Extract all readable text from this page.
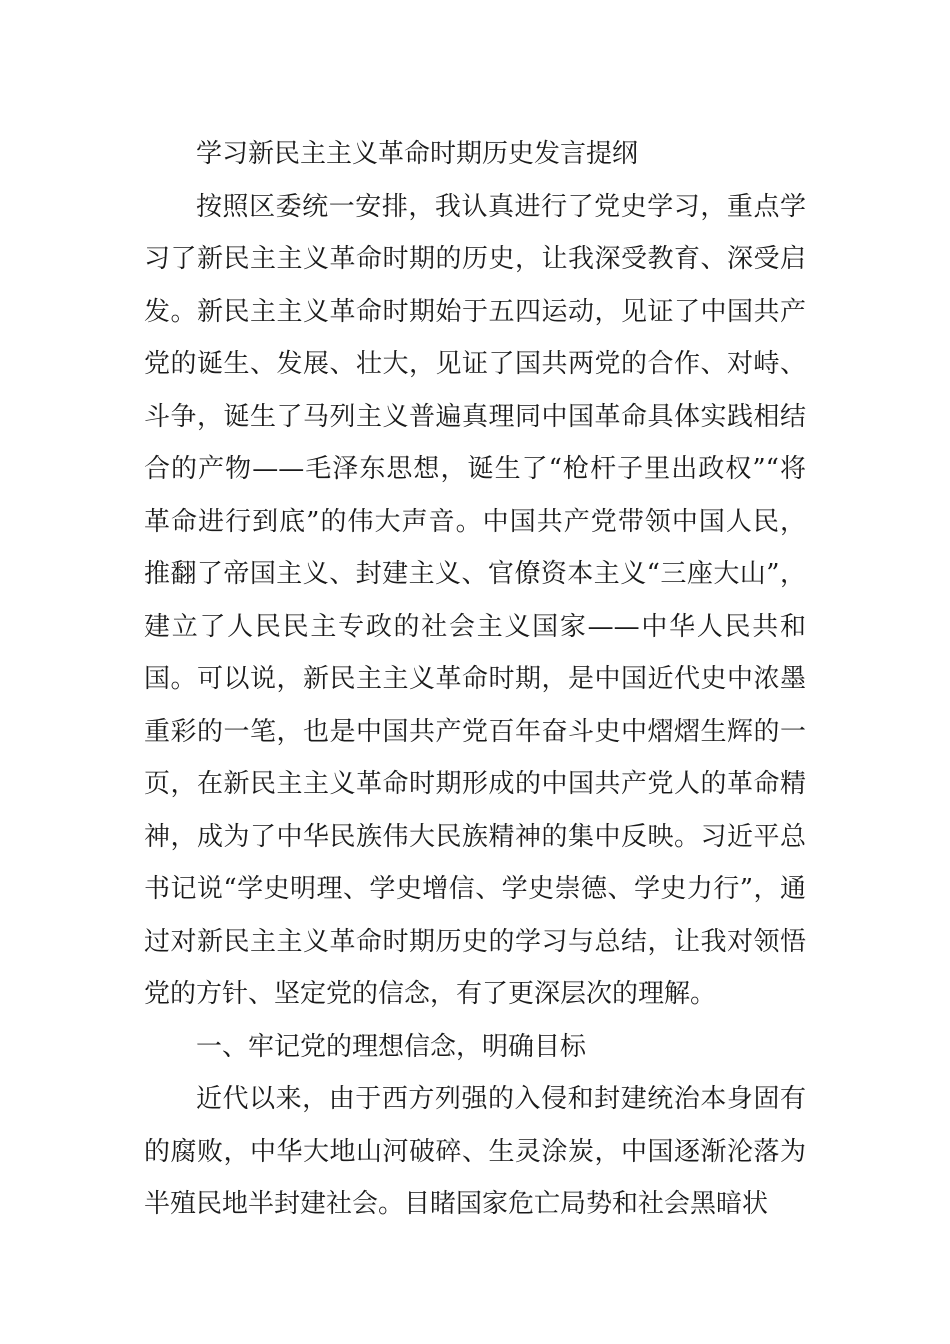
学习新民主主义革命时期历史发言提纲

按照区委统一安排，我认真进行了党史学习，重点学习了新民主主义革命时期的历史，让我深受教育、深受启发。新民主主义革命时期始于五四运动，见证了中国共产党的诞生、发展、壮大，见证了国共两党的合作、对峙、斗争，诞生了马列主义普遍真理同中国革命具体实践相结合的产物——毛泽东思想，诞生了“枪杆子里出政权”“将革命进行到底”的伟大声音。中国共产党带领中国人民，推翻了帝国主义、封建主义、官僚资本主义“三座大山”，建立了人民民主专政的社会主义国家——中华人民共和国。可以说，新民主主义革命时期，是中国近代史中浓墨重彩的一笔，也是中国共产党百年奋斗史中熠熠生辉的一页，在新民主主义革命时期形成的中国共产党人的革命精神，成为了中华民族伟大民族精神的集中反映。习近平总书记说“学史明理、学史增信、学史崇德、学史力行”，通过对新民主主义革命时期历史的学习与总结，让我对领悟党的方针、坚定党的信念，有了更深层次的理解。

一、牢记党的理想信念，明确目标

近代以来，由于西方列强的入侵和封建统治本身固有的腐败，中华大地山河破碎、生灵涂炭，中国逐渐沦落为半殖民地半封建社会。目睹国家危亡局势和社会黑暗状
